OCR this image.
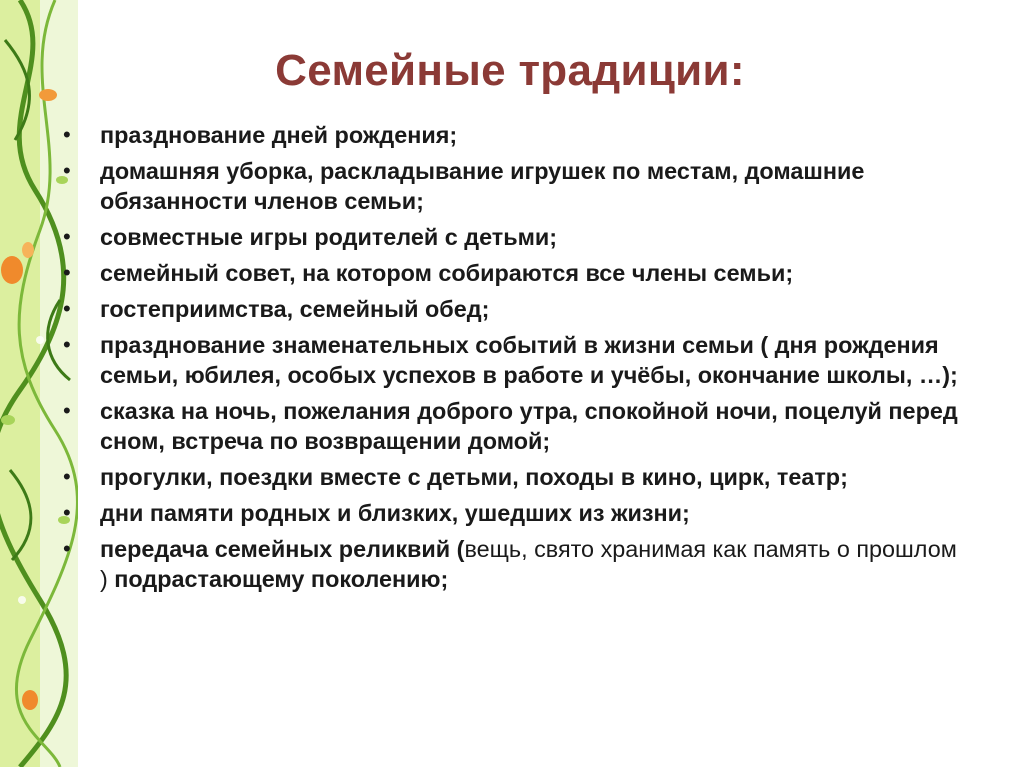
Семейные традиции:
• празднование дней рождения;
• домашняя уборка, раскладывание игрушек по местам, домашние обязанности членов семьи;
• совместные игры родителей с детьми;
• семейный совет, на котором собираются все члены семьи;
• гостеприимства, семейный обед;
• празднование знаменательных событий в жизни семьи ( дня рождения семьи, юбилея, особых успехов в работе и учёбы, окончание школы, …);
• сказка на ночь, пожелания доброго утра, спокойной ночи, поцелуй перед сном, встреча по возвращении домой;
• прогулки, поездки вместе с детьми, походы в кино, цирк, театр;
• дни памяти родных и близких, ушедших из жизни;
• передача семейных реликвий (вещь, свято хранимая как память о прошлом ) подрастающему поколению;
